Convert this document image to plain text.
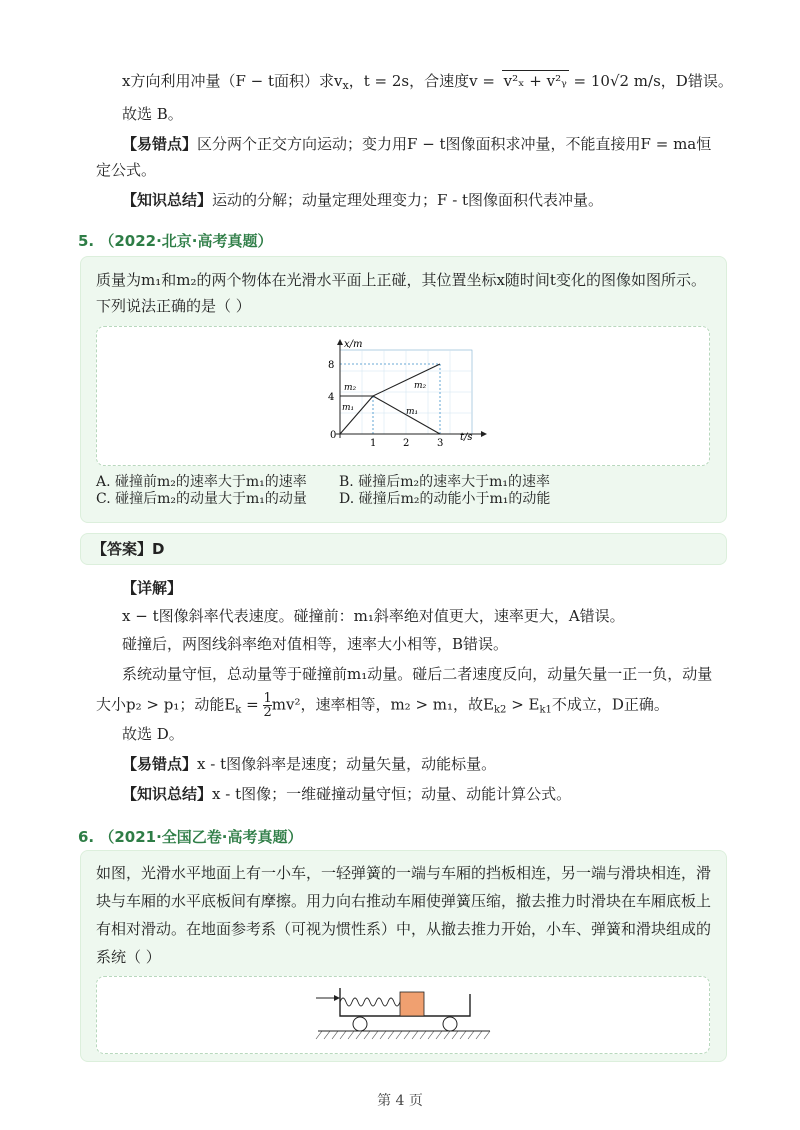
x方向利用冲量（F − t面积）求$v_x$，t = 2s，合速度v = v²ₓ + v²ᵧ = 10√2 m/s，D错误。
故选 B。
【易错点】区分两个正交方向运动；变力用F − t图像面积求冲量，不能直接用F = ma恒
定公式。
【知识总结】运动的分解；动量定理处理变力；F - t图像面积代表冲量。
5. （2022·北京·高考真题）
质量为m₁和m₂的两个物体在光滑水平面上正碰，其位置坐标x随时间t变化的图像如图所示。
下列说法正确的是（ ）
x/m
t/s
8
4
0
1	2	3
m₂
m₁
m₂
m₁
A. 碰撞前m₂的速率大于m₁的速率 B. 碰撞后m₂的速率大于m₁的速率
C. 碰撞后m₂的动量大于m₁的动量 D. 碰撞后m₂的动能小于m₁的动能
【答案】D
【详解】
x − t图像斜率代表速度。碰撞前：m₁斜率绝对值更大，速率更大，A错误。
碰撞后，两图线斜率绝对值相等，速率大小相等，B错误。
系统动量守恒，总动量等于碰撞前m₁动量。碰后二者速度反向，动量矢量一正一负，动量
大小p₂ > p₁；动能$E_k = \frac{1}{2} mv^2$，速率相等，m₂ > m₁，故$E_{k2} > E_{k1}$不成立，D正确。
故选 D。
【易错点】x - t图像斜率是速度；动量矢量，动能标量。
【知识总结】x - t图像；一维碰撞动量守恒；动量、动能计算公式。
6. （2021·全国乙卷·高考真题）
如图，光滑水平地面上有一小车，一轻弹簧的一端与车厢的挡板相连，另一端与滑块相连，滑
块与车厢的水平底板间有摩擦。用力向右推动车厢使弹簧压缩，撤去推力时滑块在车厢底板上
有相对滑动。在地面参考系（可视为惯性系）中，从撤去推力开始，小车、弹簧和滑块组成的
系统（ ）
第 4 页
